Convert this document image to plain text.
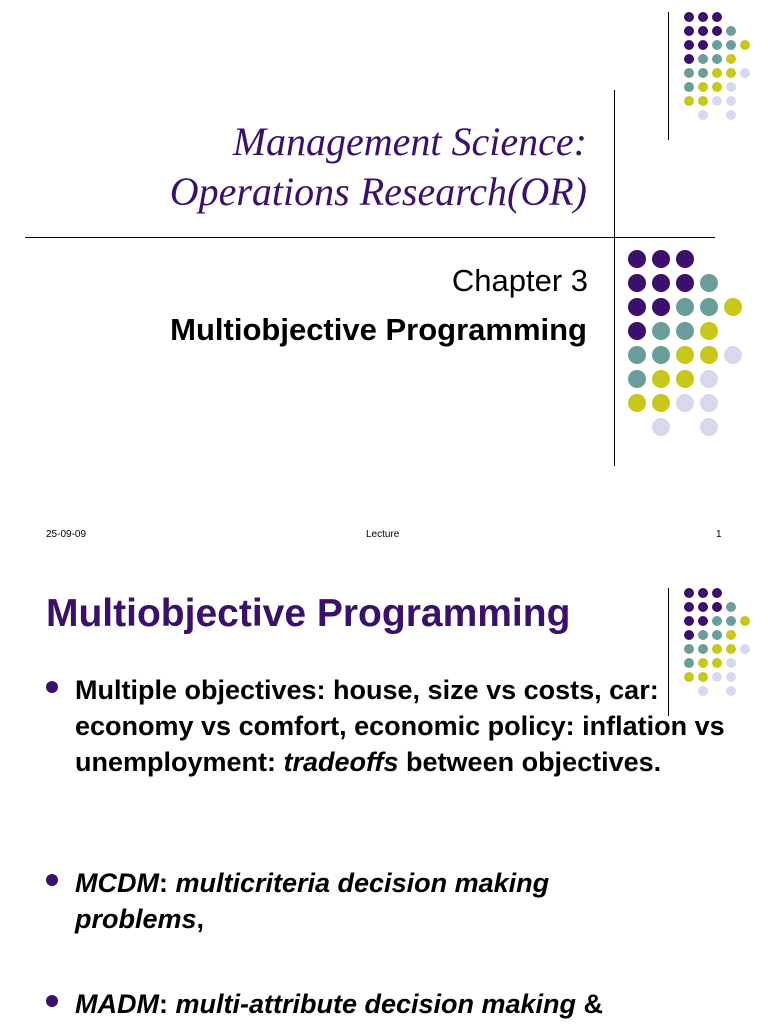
Management Science:
Operations Research(OR)
Chapter 3
Multiobjective Programming
25-09-09	Lecture	1
Multiobjective Programming
Multiple objectives: house, size vs costs, car: economy vs comfort, economic policy: inflation vs unemployment: tradeoffs between objectives.
MCDM: multicriteria decision making problems,
MADM: multi-attribute decision making &
